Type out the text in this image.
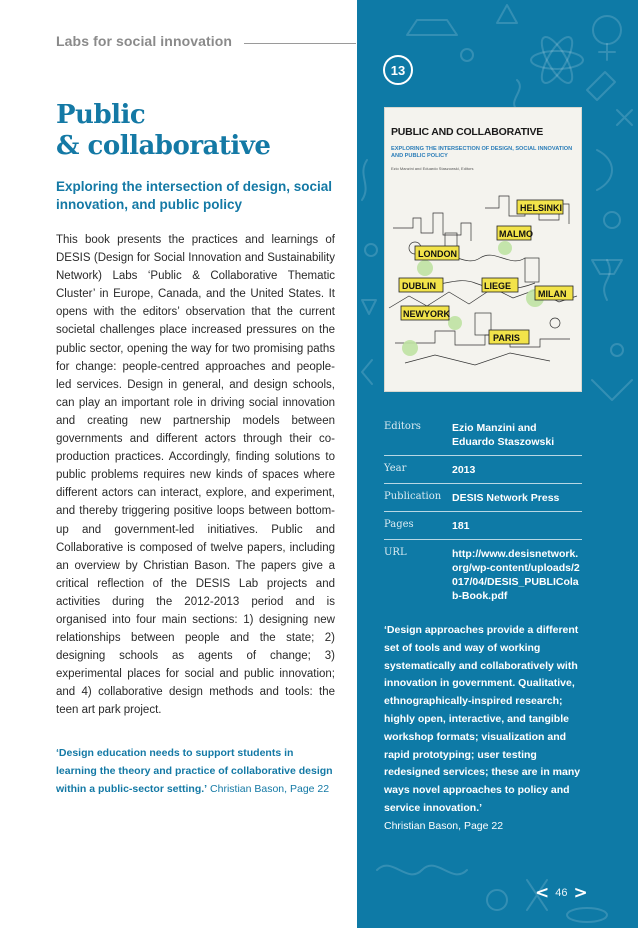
Labs for social innovation
Public
& collaborative
Exploring the intersection of design, social innovation, and public policy

This book presents the practices and learnings of DESIS (Design for Social Innovation and Sustainability Network) Labs ‘Public & Collaborative Thematic Cluster’ in Europe, Canada, and the United States. It opens with the editors’ observation that the current societal challenges place increased pressures on the public sector, opening the way for two promising paths for change: people-centred approaches and people-led services. Design in general, and design schools, can play an important role in driving social innovation and creating new partnership models between governments and different actors through their co-production practices. Accordingly, finding solutions to public problems requires new kinds of spaces where different actors can interact, explore, and experiment, and thereby triggering positive loops between bottom-up and government-led initiatives. Public and Collaborative is composed of twelve papers, including an overview by Christian Bason. The papers give a critical reflection of the DESIS Lab projects and activities during the 2012-2013 period and is organised into four main sections: 1) designing new relationships between people and the state; 2) designing schools as agents of change; 3) experimental places for social and public innovation; and 4) collaborative design methods and tools: the teen art park project.

‘Design education needs to support students in learning the theory and practice of collaborative design within a public-sector setting.’ Christian Bason, Page 22
13
PUBLIC AND COLLABORATIVE
EXPLORING THE INTERSECTION OF DESIGN, SOCIAL INNOVATION AND PUBLIC POLICY
Ezio Manzini and Eduardo Staszowski, Editors
HELSINKI
MALMO
LONDON
DUBLIN	LIEGE
MILAN
NEWYORK
PARIS
Editors	Ezio Manzini and Eduardo Staszowski
Year	2013
Publication	DESIS Network Press
Pages	181
URL	http://www.desisnetwork.org/wp-content/uploads/2017/04/DESIS_PUBLIColab-Book.pdf
‘Design approaches provide a different set of tools and way of working systematically and collaboratively with innovation in government. Qualitative, ethnographically-inspired research; highly open, interactive, and tangible workshop formats; visualization and rapid prototyping; user testing redesigned services; these are in many ways novel approaches to policy and service innovation.’
Christian Bason, Page 22
< 46 >
